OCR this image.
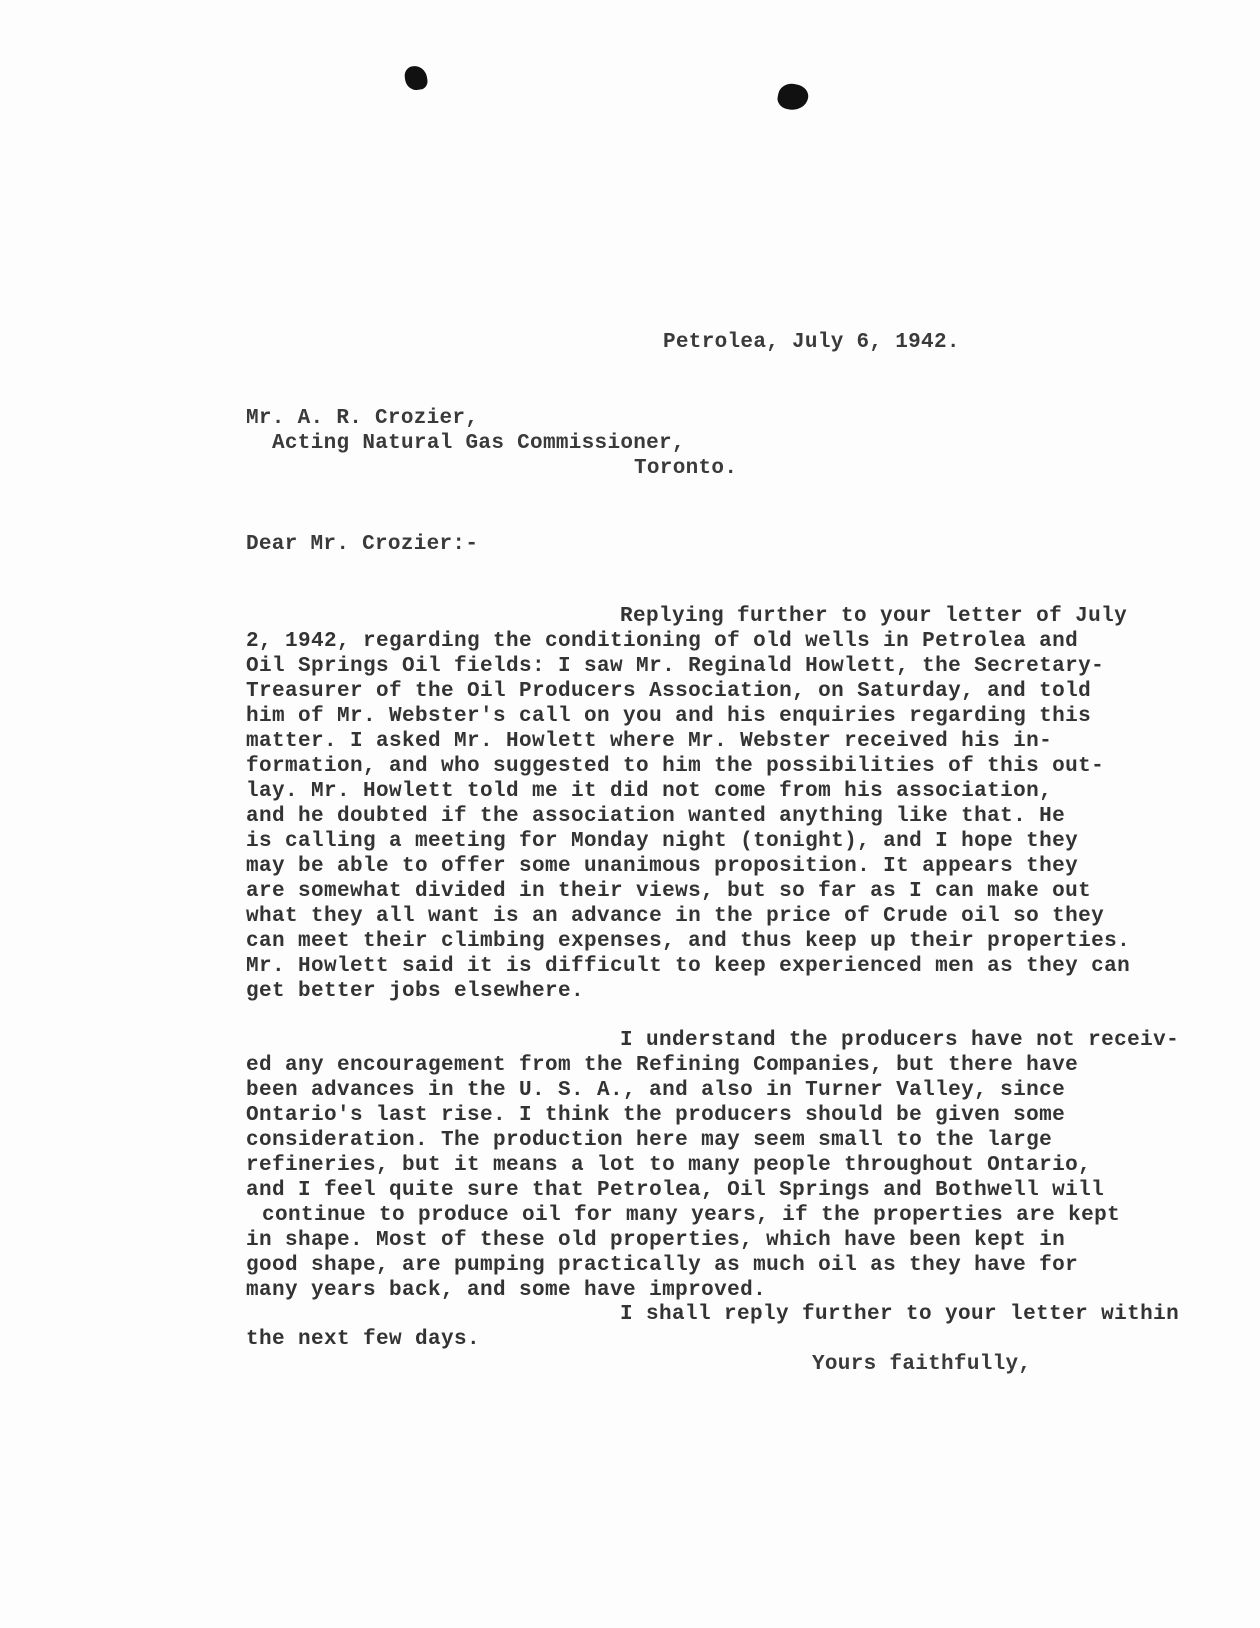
Petrolea, July 6, 1942.
Mr. A. R. Crozier,
Acting Natural Gas Commissioner,
Toronto.
Dear Mr. Crozier:-
Replying further to your letter of July
2, 1942, regarding the conditioning of old wells in Petrolea and
Oil Springs Oil fields: I saw Mr. Reginald Howlett, the Secretary-
Treasurer of the Oil Producers Association, on Saturday, and told
him of Mr. Webster's call on you and his enquiries regarding this
matter. I asked Mr. Howlett where Mr. Webster received his in-
formation, and who suggested to him the possibilities of this out-
lay. Mr. Howlett told me it did not come from his association,
and he doubted if the association wanted anything like that. He
is calling a meeting for Monday night (tonight), and I hope they
may be able to offer some unanimous proposition. It appears they
are somewhat divided in their views, but so far as I can make out
what they all want is an advance in the price of Crude oil so they
can meet their climbing expenses, and thus keep up their properties.
Mr. Howlett said it is difficult to keep experienced men as they can
get better jobs elsewhere.
I understand the producers have not receiv-
ed any encouragement from the Refining Companies, but there have
been advances in the U. S. A., and also in Turner Valley, since
Ontario's last rise. I think the producers should be given some
consideration. The production here may seem small to the large
refineries, but it means a lot to many people throughout Ontario,
and I feel quite sure that Petrolea, Oil Springs and Bothwell will
continue to produce oil for many years, if the properties are kept
in shape. Most of these old properties, which have been kept in
good shape, are pumping practically as much oil as they have for
many years back, and some have improved.
I shall reply further to your letter within
the next few days.
Yours faithfully,
